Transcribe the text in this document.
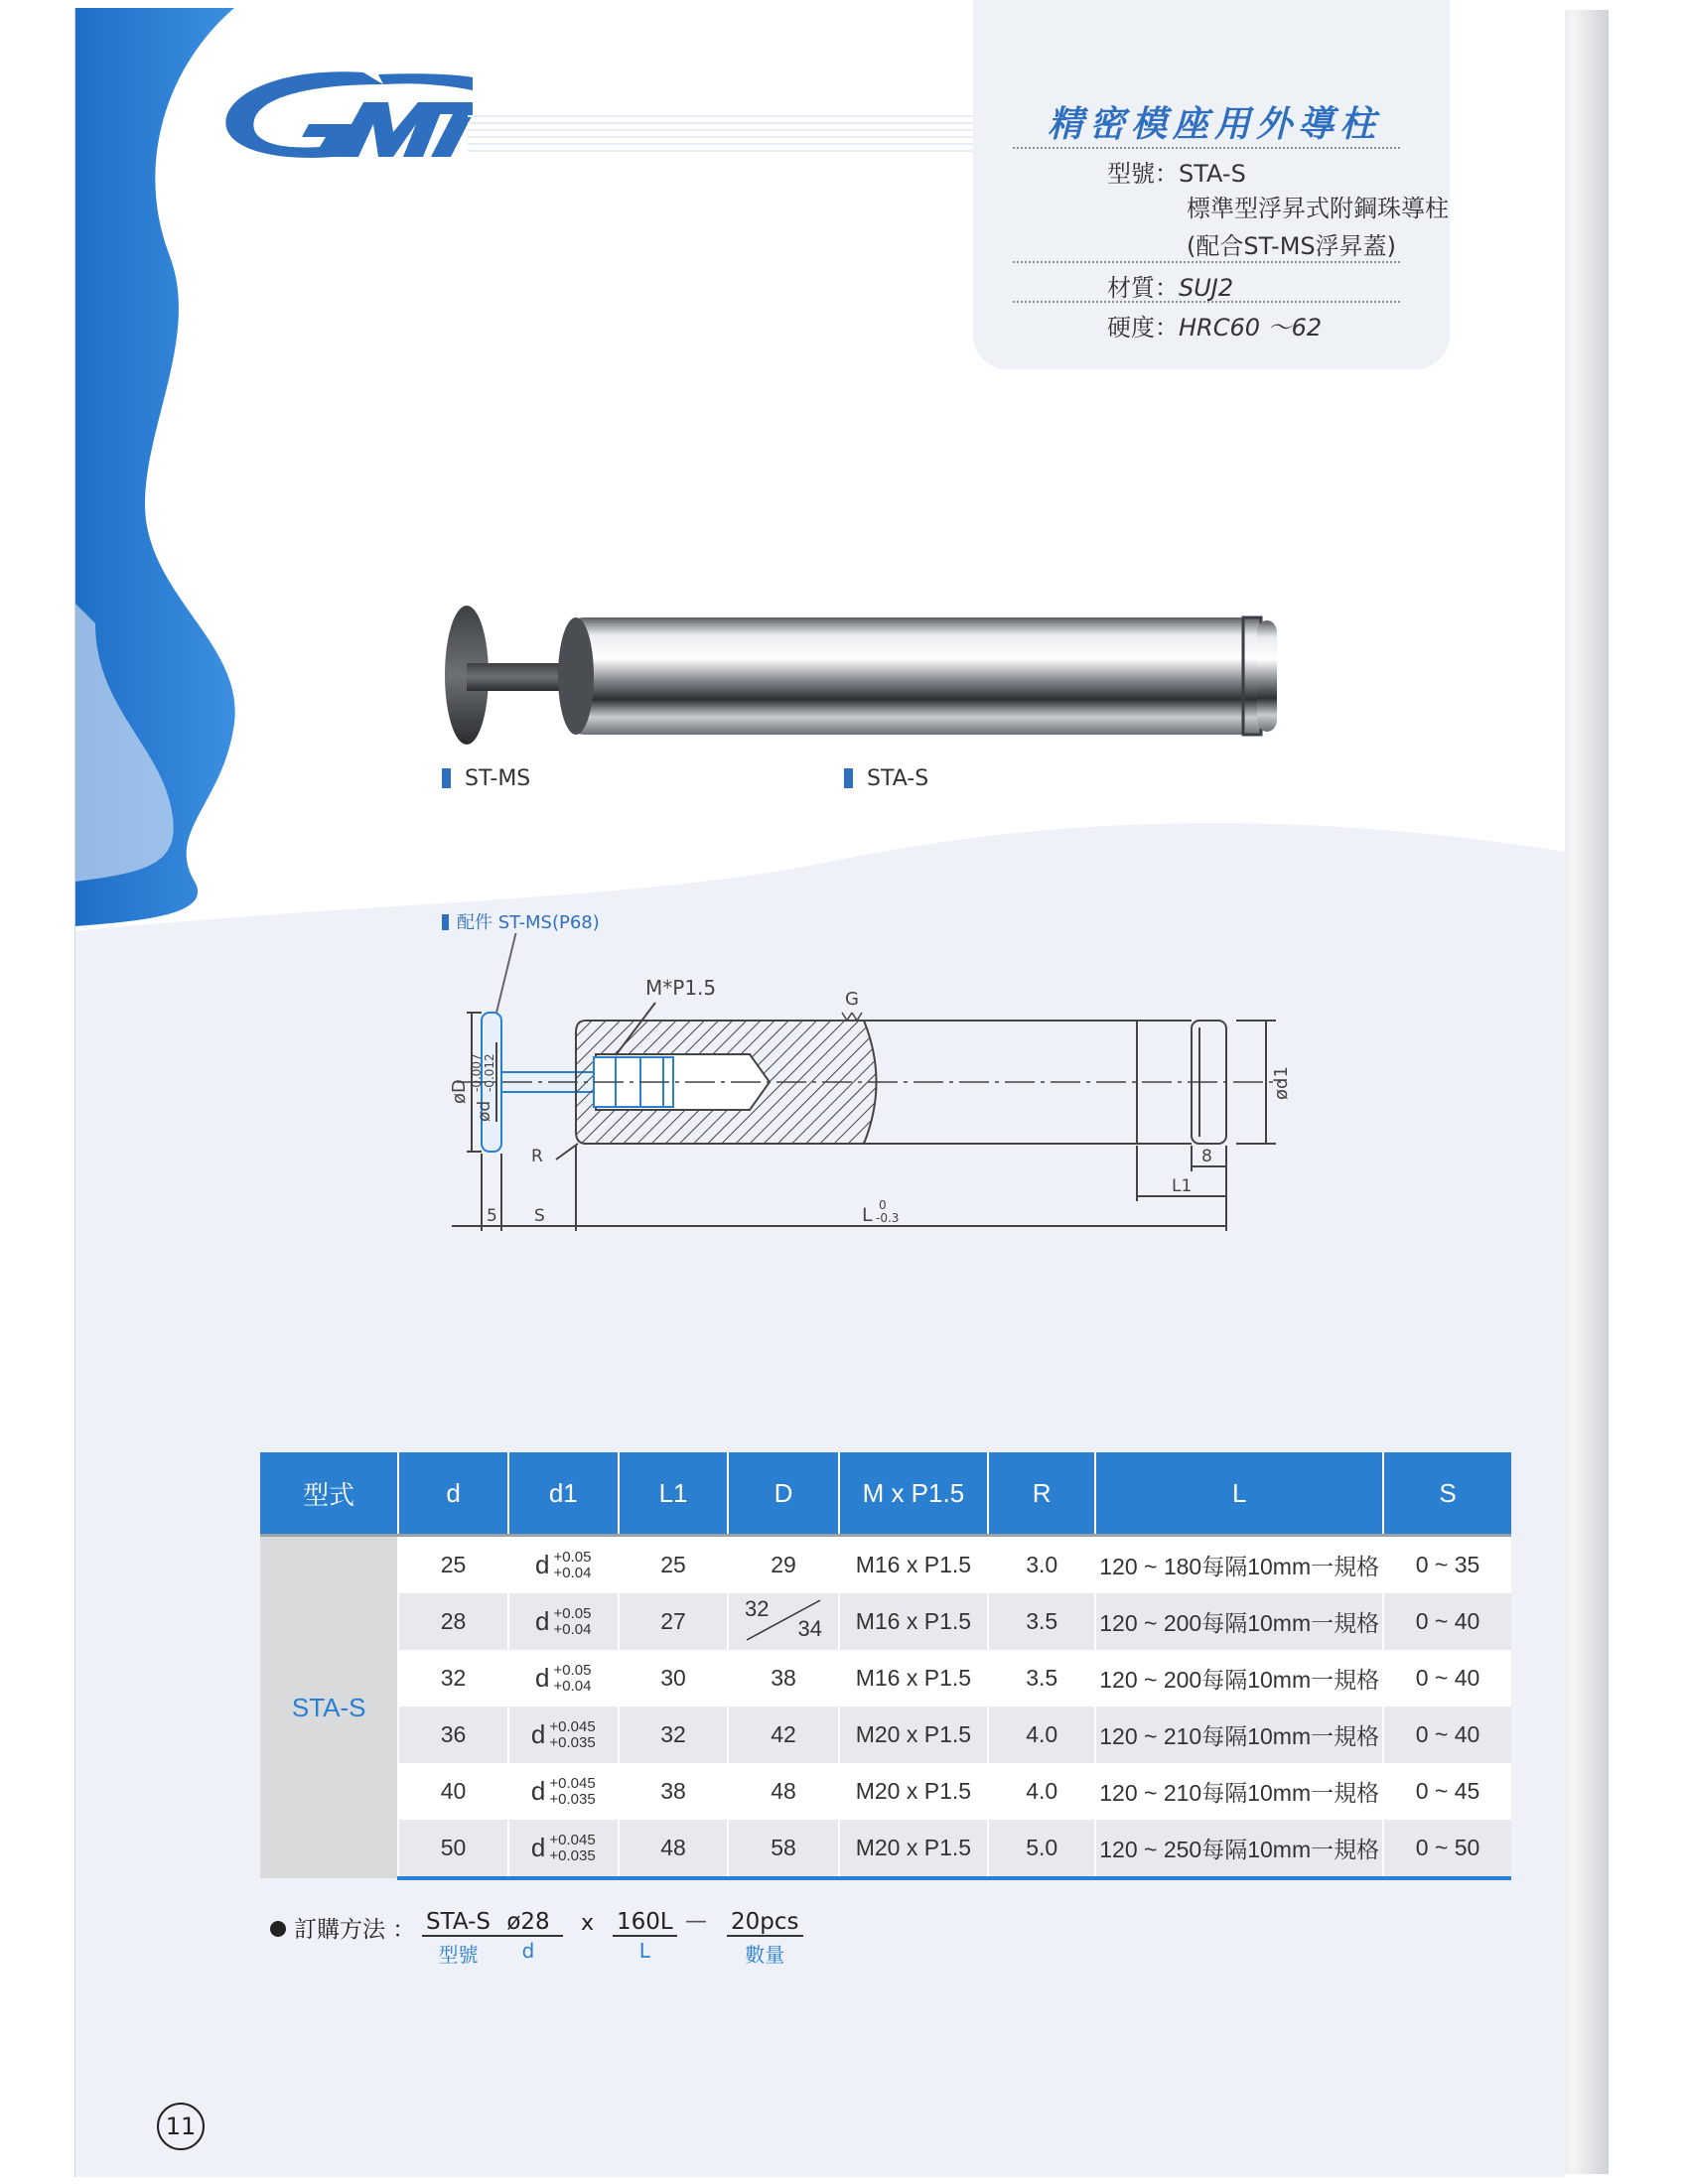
精密模座用外導柱
型號：STA-S
標準型浮昇式附鋼珠導柱
(配合ST-MS浮昇蓋)
材質：SUJ2
硬度：HRC60 ～62
ST-MS	STA-S
配件 ST-MS(P68)
M*P1.5	G
øD
ød
-0.007 -0.012	ød1
R	8
L1
5 S	L 0
-0.3
型式	d	d1	L1	D	M x P1.5	R	L	S
STA-S	25	d +0.05
+0.04	25	29	M16 x P1.5	3.0	120 ~ 180每隔10mm一規格	0 ~ 35
	28	d +0.05
+0.04	27	32
34	M16 x P1.5	3.5	120 ~ 200每隔10mm一規格	0 ~ 40
	32	d +0.05
+0.04	30	38	M16 x P1.5	3.5	120 ~ 200每隔10mm一規格	0 ~ 40
	36	d +0.045
+0.035	32	42	M20 x P1.5	4.0	120 ~ 210每隔10mm一規格	0 ~ 40
	40	d +0.045
+0.035	38	48	M20 x P1.5	4.0	120 ~ 210每隔10mm一規格	0 ~ 45
	50	d +0.045
+0.035	48	58	M20 x P1.5	5.0	120 ~ 250每隔10mm一規格	0 ~ 50
訂購方法 ： STA-S
型號
ø28
d
x 160L
L
— 20pcs
數量
11
